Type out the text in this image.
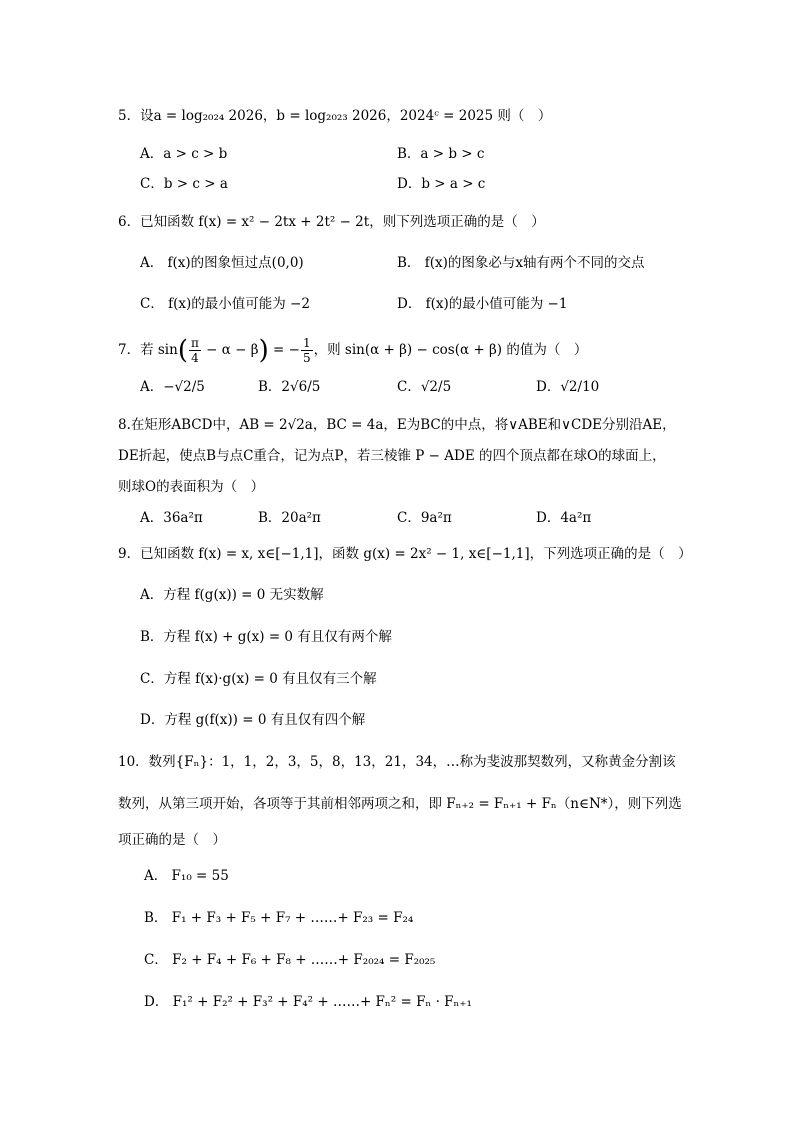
5．设a = log₂₀₂₄ 2026，b = log₂₀₂₃ 2026，2024ᶜ = 2025 则（　）
A．a > c > b	B．a > b > c
C．b > c > a	D．b > a > c
6．已知函数 f(x) = x² − 2tx + 2t² − 2t，则下列选项正确的是（　）
A． f(x)的图象恒过点(0,0)	B． f(x)的图象必与x轴有两个不同的交点
C． f(x)的最小值可能为 −2	D． f(x)的最小值可能为 −1
7．若 $\sin( \frac{\pi}{4} - \alpha - \beta)$ = − $\frac{1}{5}$ ，则 sin(α + β) − cos(α + β) 的值为（　）
A．−√2/5	B．2√6/5	C．√2/5	D．√2/10
8.在矩形ABCD中，AB = 2√2a，BC = 4a，E为BC的中点，将∨ABE和∨CDE分别沿AE，
DE折起，使点B与点C重合，记为点P，若三棱锥 P − ADE 的四个顶点都在球O的球面上，
则球O的表面积为（　）
A．36a²π	B．20a²π	C．9a²π	D．4a²π
9．已知函数 f(x) = x, x∈[−1,1]，函数 g(x) = 2x² − 1, x∈[−1,1]，下列选项正确的是（　）
A．方程 f(g(x)) = 0 无实数解
B．方程 f(x) + g(x) = 0 有且仅有两个解
C．方程 f(x)·g(x) = 0 有且仅有三个解
D．方程 g(f(x)) = 0 有且仅有四个解
10．数列{Fₙ}：1，1，2，3，5，8，13，21，34，…称为斐波那契数列，又称黄金分割该
数列，从第三项开始，各项等于其前相邻两项之和，即 Fₙ₊₂ = Fₙ₊₁ + Fₙ（n∈N*），则下列选
项正确的是（　）
A． F₁₀ = 55
B． F₁ + F₃ + F₅ + F₇ + ……+ F₂₃ = F₂₄
C． F₂ + F₄ + F₆ + F₈ + ……+ F₂₀₂₄ = F₂₀₂₅
D． F₁² + F₂² + F₃² + F₄² + ……+ Fₙ² = Fₙ · Fₙ₊₁
